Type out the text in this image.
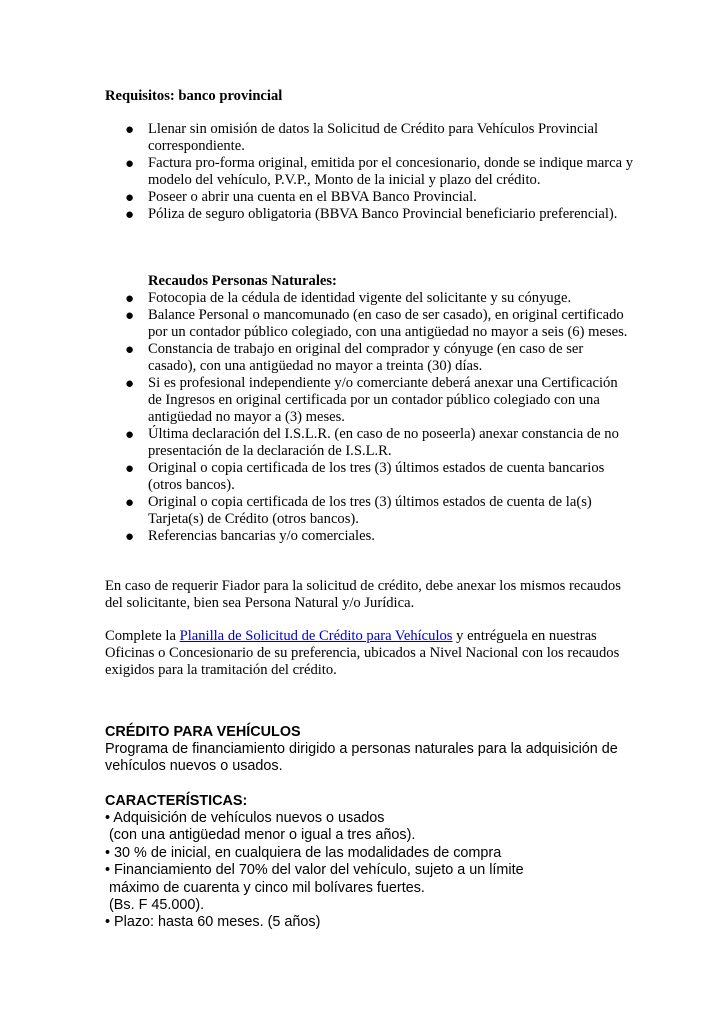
Requisitos: banco provincial
● Llenar sin omisión de datos la Solicitud de Crédito para Vehículos Provincial correspondiente.
● Factura pro-forma original, emitida por el concesionario, donde se indique marca y modelo del vehículo, P.V.P., Monto de la inicial y plazo del crédito.
● Poseer o abrir una cuenta en el BBVA Banco Provincial.
● Póliza de seguro obligatoria (BBVA Banco Provincial beneficiario preferencial).
Recaudos Personas Naturales:
● Fotocopia de la cédula de identidad vigente del solicitante y su cónyuge.
● Balance Personal o mancomunado (en caso de ser casado), en original certificado por un contador público colegiado, con una antigüedad no mayor a seis (6) meses.
● Constancia de trabajo en original del comprador y cónyuge (en caso de ser casado), con una antigüedad no mayor a treinta (30) días.
● Si es profesional independiente y/o comerciante deberá anexar una Certificación de Ingresos en original certificada por un contador público colegiado con una antigüedad no mayor a (3) meses.
● Última declaración del I.S.L.R. (en caso de no poseerla) anexar constancia de no presentación de la declaración de I.S.L.R.
● Original o copia certificada de los tres (3) últimos estados de cuenta bancarios (otros bancos).
● Original o copia certificada de los tres (3) últimos estados de cuenta de la(s) Tarjeta(s) de Crédito (otros bancos).
● Referencias bancarias y/o comerciales.
En caso de requerir Fiador para la solicitud de crédito, debe anexar los mismos recaudos del solicitante, bien sea Persona Natural y/o Jurídica.
Complete la Planilla de Solicitud de Crédito para Vehículos y entréguela en nuestras Oficinas o Concesionario de su preferencia, ubicados a Nivel Nacional con los recaudos exigidos para la tramitación del crédito.
CRÉDITO PARA VEHÍCULOS
Programa de financiamiento dirigido a personas naturales para la adquisición de vehículos nuevos o usados.
CARACTERÍSTICAS:
• Adquisición de vehículos nuevos o usados
(con una antigüedad menor o igual a tres años).
• 30 % de inicial, en cualquiera de las modalidades de compra
• Financiamiento del 70% del valor del vehículo, sujeto a un límite
máximo de cuarenta y cinco mil bolívares fuertes.
(Bs. F 45.000).
• Plazo: hasta 60 meses. (5 años)
